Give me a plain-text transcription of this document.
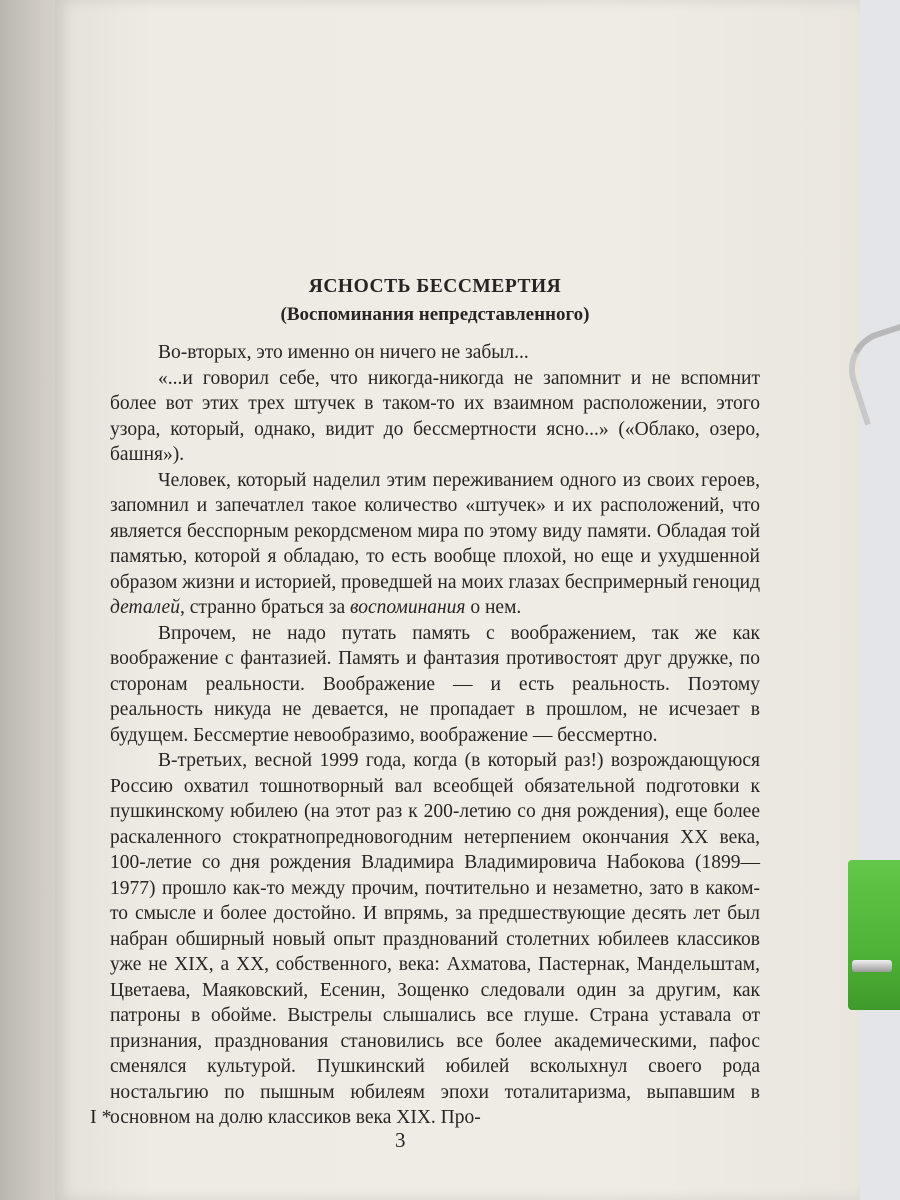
ЯСНОСТЬ БЕССМЕРТИЯ
(Воспоминания непредставленного)

Во-вторых, это именно он ничего не забыл...

«...и говорил себе, что никогда-никогда не запомнит и не вспомнит более вот этих трех штучек в таком-то их взаимном расположении, этого узора, который, однако, видит до бессмертности ясно...» («Облако, озеро, башня»).

Человек, который наделил этим переживанием одного из своих героев, запомнил и запечатлел такое количество «штучек» и их расположений, что является бесспорным рекордсменом мира по этому виду памяти. Обладая той памятью, которой я обладаю, то есть вообще плохой, но еще и ухудшенной образом жизни и историей, проведшей на моих глазах беспримерный геноцид деталей, странно браться за воспоминания о нем.

Впрочем, не надо путать память с воображением, так же как воображение с фантазией. Память и фантазия противостоят друг дружке, по сторонам реальности. Воображение — и есть реальность. Поэтому реальность никуда не девается, не пропадает в прошлом, не исчезает в будущем. Бессмертие невообразимо, воображение — бессмертно.

В-третьих, весной 1999 года, когда (в который раз!) возрождающуюся Россию охватил тошнотворный вал всеобщей обязательной подготовки к пушкинскому юбилею (на этот раз к 200-летию со дня рождения), еще более раскаленного стократнопредновогодним нетерпением окончания XX века, 100-летие со дня рождения Владимира Владимировича Набокова (1899—1977) прошло как-то между прочим, почтительно и незаметно, зато в каком-то смысле и более достойно. И впрямь, за предшествующие десять лет был набран обширный новый опыт празднований столетних юбилеев классиков уже не XIX, а XX, собственного, века: Ахматова, Пастернак, Мандельштам, Цветаева, Маяковский, Есенин, Зощенко следовали один за другим, как патроны в обойме. Выстрелы слышались все глуше. Страна уставала от признания, празднования становились все более академическими, пафос сменялся культурой. Пушкинский юбилей всколыхнул своего рода ностальгию по пышным юбилеям эпохи тоталитаризма, выпавшим в основном на долю классиков века XIX. Про-

I *
3
